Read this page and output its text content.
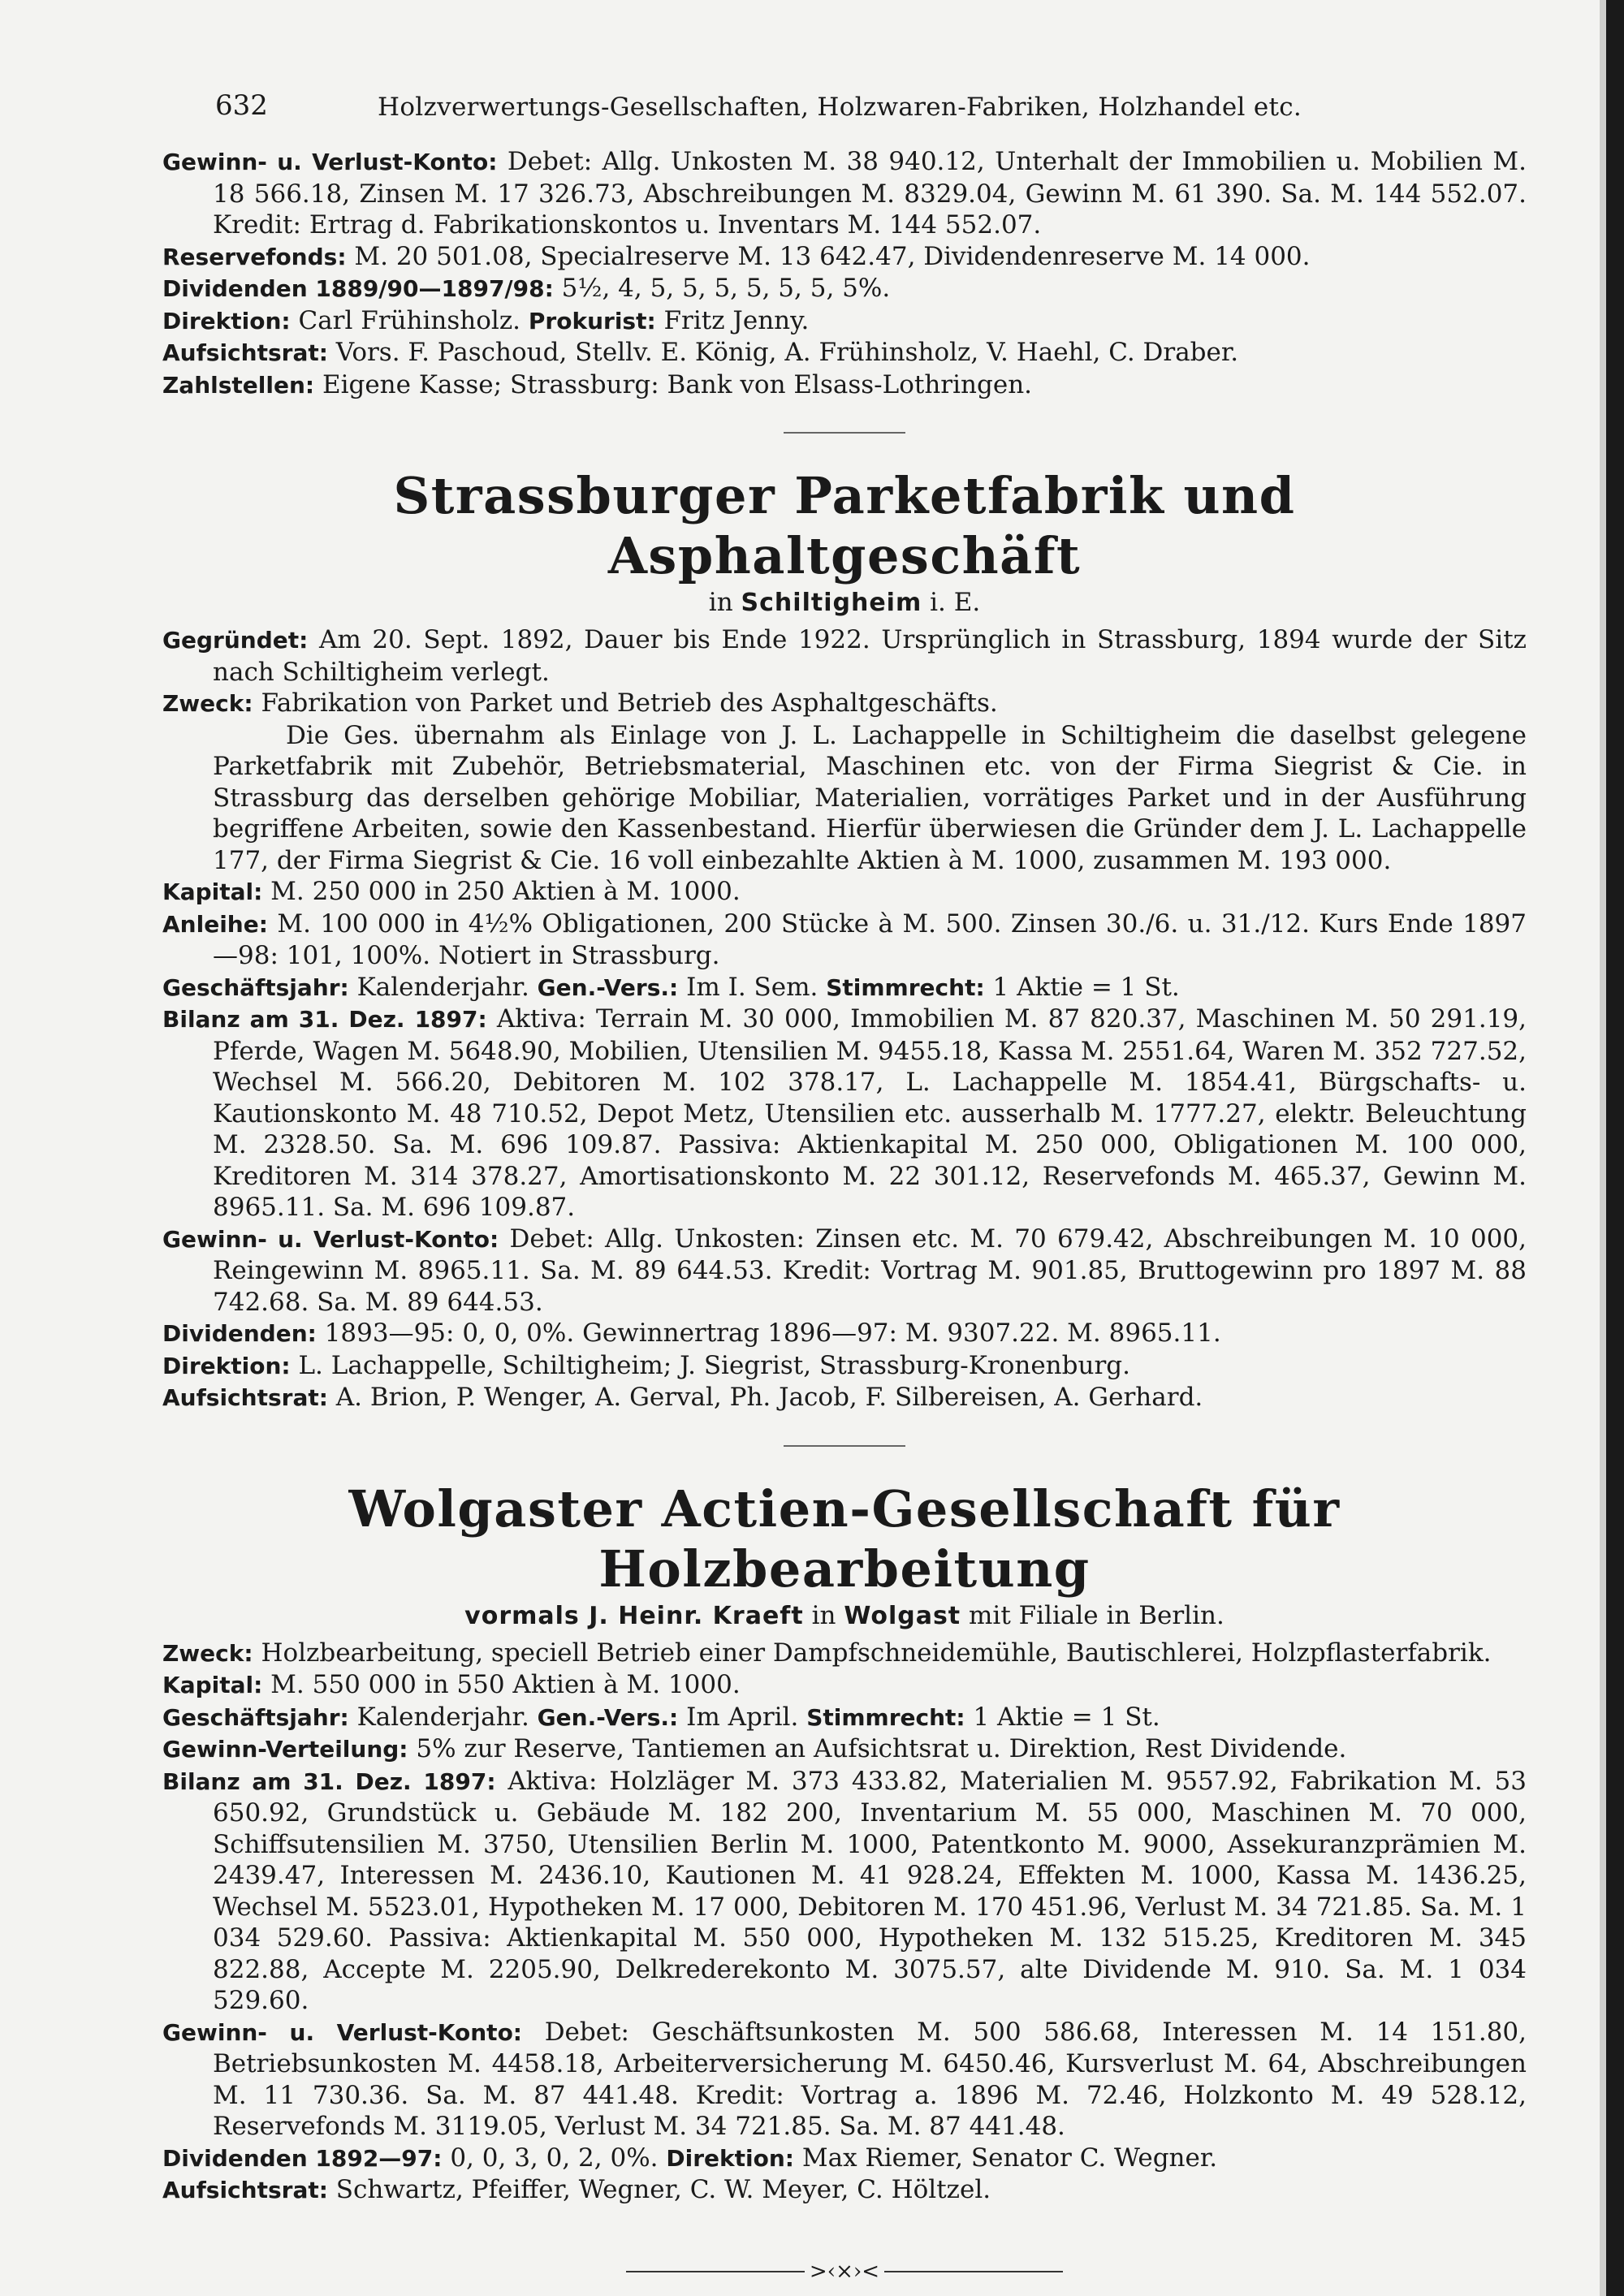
632	Holzverwertungs-Gesellschaften, Holzwaren-Fabriken, Holzhandel etc.

Gewinn- u. Verlust-Konto: Debet: Allg. Unkosten M. 38 940.12, Unterhalt der Immobilien u. Mobilien M. 18 566.18, Zinsen M. 17 326.73, Abschreibungen M. 8329.04, Gewinn M. 61 390. Sa. M. 144 552.07. Kredit: Ertrag d. Fabrikationskontos u. Inventars M. 144 552.07.

Reservefonds: M. 20 501.08, Specialreserve M. 13 642.47, Dividendenreserve M. 14 000.

Dividenden 1889/90—1897/98: 5½, 4, 5, 5, 5, 5, 5, 5, 5%.

Direktion: Carl Frühinsholz. Prokurist: Fritz Jenny.

Aufsichtsrat: Vors. F. Paschoud, Stellv. E. König, A. Frühinsholz, V. Haehl, C. Draber.

Zahlstellen: Eigene Kasse; Strassburg: Bank von Elsass-Lothringen.

Strassburger Parketfabrik und Asphaltgeschäft

in Schiltigheim i. E.

Gegründet: Am 20. Sept. 1892, Dauer bis Ende 1922. Ursprünglich in Strassburg, 1894 wurde der Sitz nach Schiltigheim verlegt.

Zweck: Fabrikation von Parket und Betrieb des Asphaltgeschäfts.

Die Ges. übernahm als Einlage von J. L. Lachappelle in Schiltigheim die daselbst gelegene Parketfabrik mit Zubehör, Betriebsmaterial, Maschinen etc. von der Firma Siegrist & Cie. in Strassburg das derselben gehörige Mobiliar, Materialien, vorrätiges Parket und in der Ausführung begriffene Arbeiten, sowie den Kassenbestand. Hierfür überwiesen die Gründer dem J. L. Lachappelle 177, der Firma Siegrist & Cie. 16 voll einbezahlte Aktien à M. 1000, zusammen M. 193 000.

Kapital: M. 250 000 in 250 Aktien à M. 1000.

Anleihe: M. 100 000 in 4½% Obligationen, 200 Stücke à M. 500. Zinsen 30./6. u. 31./12. Kurs Ende 1897—98: 101, 100%. Notiert in Strassburg.

Geschäftsjahr: Kalenderjahr. Gen.-Vers.: Im I. Sem. Stimmrecht: 1 Aktie = 1 St.

Bilanz am 31. Dez. 1897: Aktiva: Terrain M. 30 000, Immobilien M. 87 820.37, Maschinen M. 50 291.19, Pferde, Wagen M. 5648.90, Mobilien, Utensilien M. 9455.18, Kassa M. 2551.64, Waren M. 352 727.52, Wechsel M. 566.20, Debitoren M. 102 378.17, L. Lachappelle M. 1854.41, Bürgschafts- u. Kautionskonto M. 48 710.52, Depot Metz, Utensilien etc. ausserhalb M. 1777.27, elektr. Beleuchtung M. 2328.50. Sa. M. 696 109.87. Passiva: Aktienkapital M. 250 000, Obligationen M. 100 000, Kreditoren M. 314 378.27, Amortisationskonto M. 22 301.12, Reservefonds M. 465.37, Gewinn M. 8965.11. Sa. M. 696 109.87.

Gewinn- u. Verlust-Konto: Debet: Allg. Unkosten: Zinsen etc. M. 70 679.42, Abschreibungen M. 10 000, Reingewinn M. 8965.11. Sa. M. 89 644.53. Kredit: Vortrag M. 901.85, Bruttogewinn pro 1897 M. 88 742.68. Sa. M. 89 644.53.

Dividenden: 1893—95: 0, 0, 0%. Gewinnertrag 1896—97: M. 9307.22. M. 8965.11.

Direktion: L. Lachappelle, Schiltigheim; J. Siegrist, Strassburg-Kronenburg.

Aufsichtsrat: A. Brion, P. Wenger, A. Gerval, Ph. Jacob, F. Silbereisen, A. Gerhard.

Wolgaster Actien-Gesellschaft für Holzbearbeitung

vormals J. Heinr. Kraeft in Wolgast mit Filiale in Berlin.

Zweck: Holzbearbeitung, speciell Betrieb einer Dampfschneidemühle, Bautischlerei, Holzpflasterfabrik.

Kapital: M. 550 000 in 550 Aktien à M. 1000.

Geschäftsjahr: Kalenderjahr. Gen.-Vers.: Im April. Stimmrecht: 1 Aktie = 1 St.

Gewinn-Verteilung: 5% zur Reserve, Tantiemen an Aufsichtsrat u. Direktion, Rest Dividende.

Bilanz am 31. Dez. 1897: Aktiva: Holzläger M. 373 433.82, Materialien M. 9557.92, Fabrikation M. 53 650.92, Grundstück u. Gebäude M. 182 200, Inventarium M. 55 000, Maschinen M. 70 000, Schiffsutensilien M. 3750, Utensilien Berlin M. 1000, Patentkonto M. 9000, Assekuranzprämien M. 2439.47, Interessen M. 2436.10, Kautionen M. 41 928.24, Effekten M. 1000, Kassa M. 1436.25, Wechsel M. 5523.01, Hypotheken M. 17 000, Debitoren M. 170 451.96, Verlust M. 34 721.85. Sa. M. 1 034 529.60. Passiva: Aktienkapital M. 550 000, Hypotheken M. 132 515.25, Kreditoren M. 345 822.88, Accepte M. 2205.90, Delkrederekonto M. 3075.57, alte Dividende M. 910. Sa. M. 1 034 529.60.

Gewinn- u. Verlust-Konto: Debet: Geschäftsunkosten M. 500 586.68, Interessen M. 14 151.80, Betriebsunkosten M. 4458.18, Arbeiterversicherung M. 6450.46, Kursverlust M. 64, Abschreibungen M. 11 730.36. Sa. M. 87 441.48. Kredit: Vortrag a. 1896 M. 72.46, Holzkonto M. 49 528.12, Reservefonds M. 3119.05, Verlust M. 34 721.85. Sa. M. 87 441.48.

Dividenden 1892—97: 0, 0, 3, 0, 2, 0%. Direktion: Max Riemer, Senator C. Wegner.

Aufsichtsrat: Schwartz, Pfeiffer, Wegner, C. W. Meyer, C. Höltzel.

>‹×›<
